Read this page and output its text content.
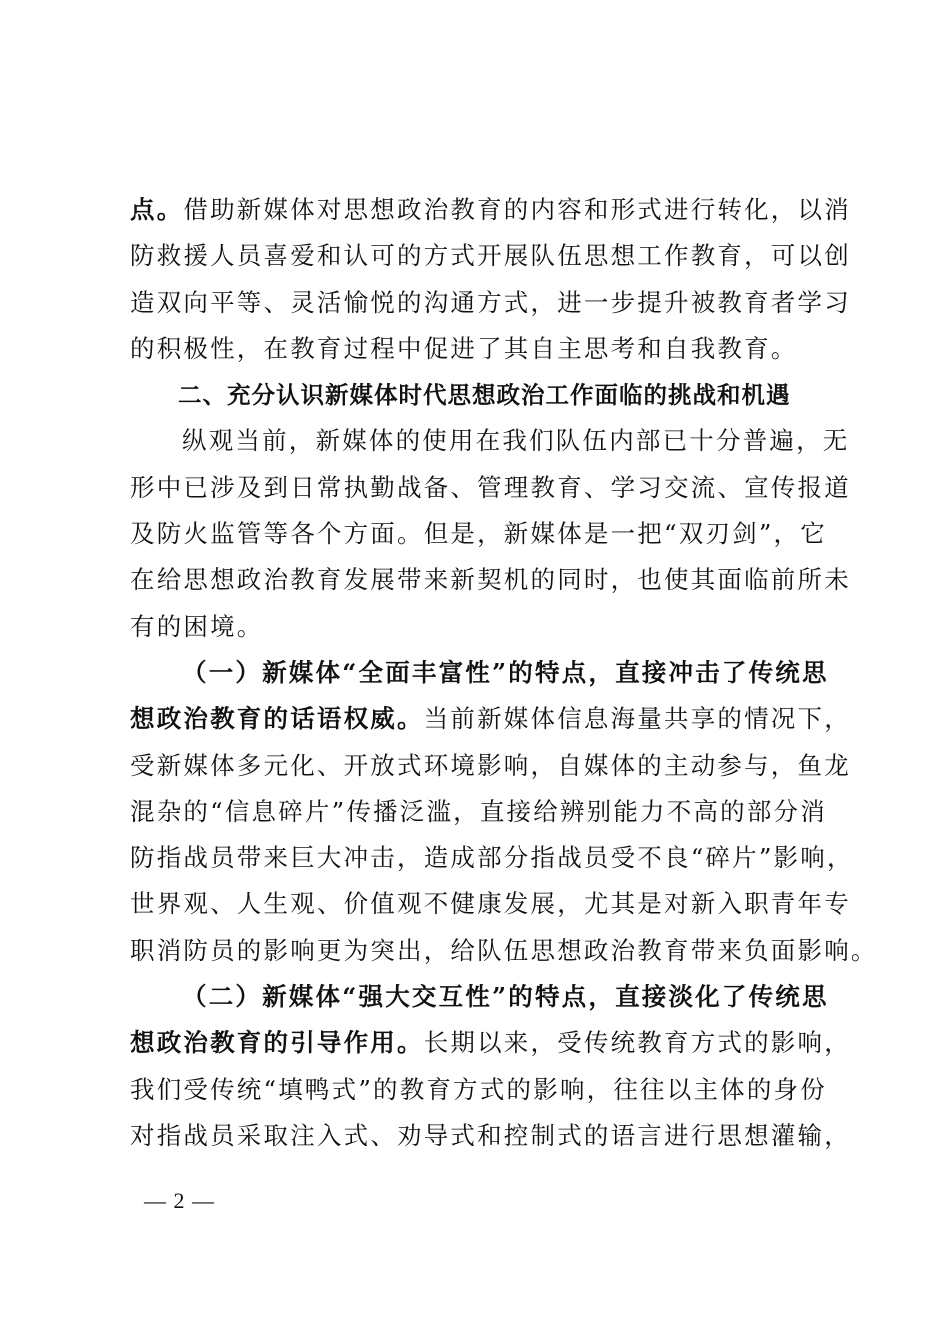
点。借助新媒体对思想政治教育的内容和形式进行转化，以消
防救援人员喜爱和认可的方式开展队伍思想工作教育，可以创
造双向平等、灵活愉悦的沟通方式，进一步提升被教育者学习
的积极性，在教育过程中促进了其自主思考和自我教育。
二、充分认识新媒体时代思想政治工作面临的挑战和机遇
纵观当前，新媒体的使用在我们队伍内部已十分普遍，无
形中已涉及到日常执勤战备、管理教育、学习交流、宣传报道
及防火监管等各个方面。但是，新媒体是一把“双刃剑”，它
在给思想政治教育发展带来新契机的同时，也使其面临前所未
有的困境。
（一）新媒体“全面丰富性”的特点，直接冲击了传统思
想政治教育的话语权威。当前新媒体信息海量共享的情况下，
受新媒体多元化、开放式环境影响，自媒体的主动参与，鱼龙
混杂的“信息碎片”传播泛滥，直接给辨别能力不高的部分消
防指战员带来巨大冲击，造成部分指战员受不良“碎片”影响，
世界观、人生观、价值观不健康发展，尤其是对新入职青年专
职消防员的影响更为突出，给队伍思想政治教育带来负面影响。
（二）新媒体“强大交互性”的特点，直接淡化了传统思
想政治教育的引导作用。长期以来，受传统教育方式的影响，
我们受传统“填鸭式”的教育方式的影响，往往以主体的身份
对指战员采取注入式、劝导式和控制式的语言进行思想灌输，
— 2 —
